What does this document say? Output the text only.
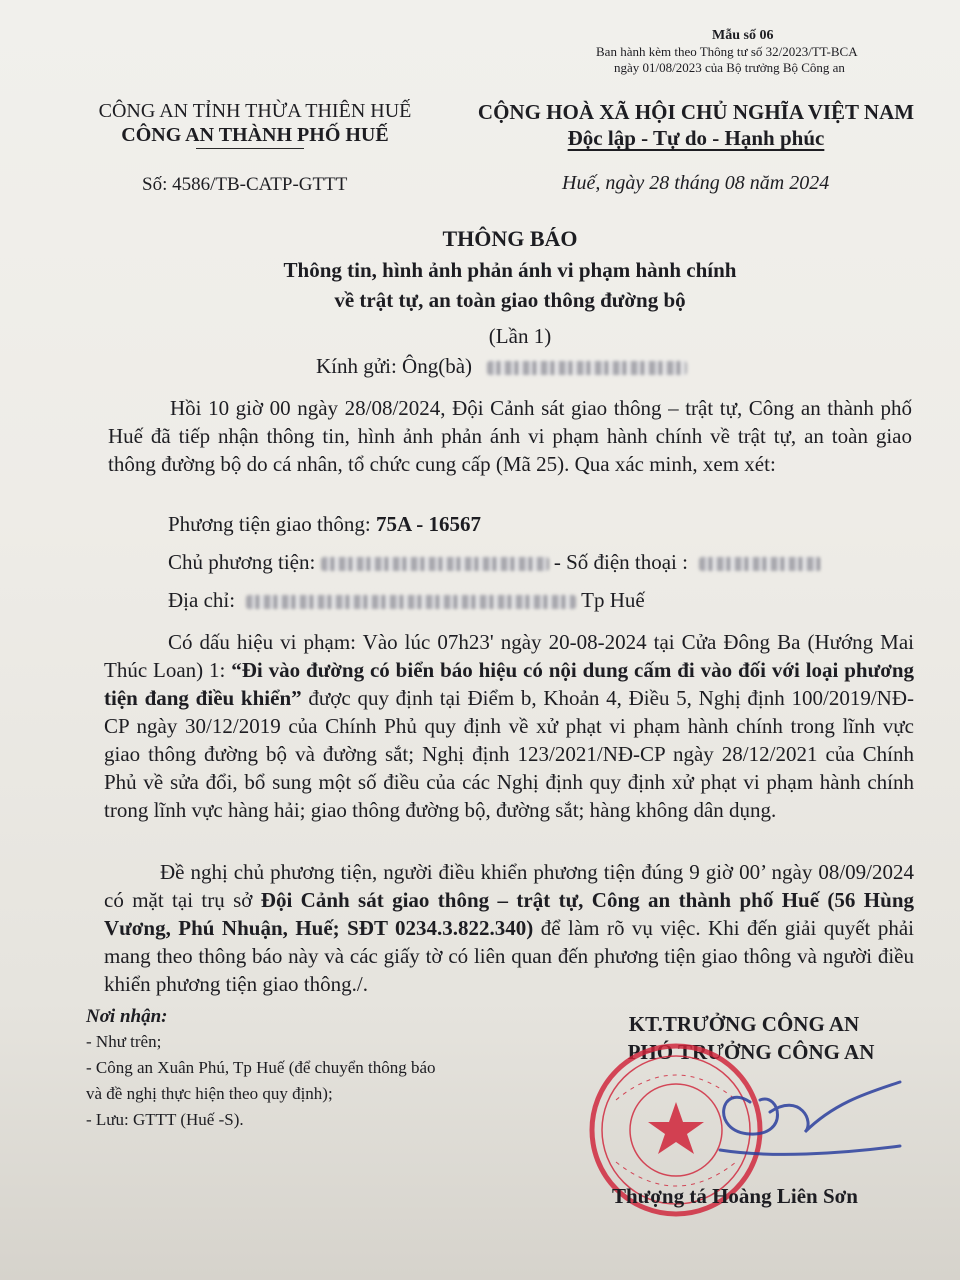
Mẫu số 06
Ban hành kèm theo Thông tư số 32/2023/TT-BCA
ngày 01/08/2023 của Bộ trưởng Bộ Công an
CÔNG AN TỈNH THỪA THIÊN HUẾ
CÔNG AN THÀNH PHỐ HUẾ
Số: 4586/TB-CATP-GTTT
CỘNG HOÀ XÃ HỘI CHỦ NGHĨA VIỆT NAM
Độc lập - Tự do - Hạnh phúc
Huế, ngày 28 tháng 08 năm 2024
THÔNG BÁO
Thông tin, hình ảnh phản ánh vi phạm hành chính
về trật tự, an toàn giao thông đường bộ
(Lần 1)
Kính gửi: Ông(bà)

Hồi 10 giờ 00 ngày 28/08/2024, Đội Cảnh sát giao thông – trật tự, Công an thành phố Huế đã tiếp nhận thông tin, hình ảnh phản ánh vi phạm hành chính về trật tự, an toàn giao thông đường bộ do cá nhân, tổ chức cung cấp (Mã 25). Qua xác minh, xem xét:

Phương tiện giao thông: 75A - 16567
Chủ phương tiện:	- Số điện thoại :
Địa chỉ:	Tp Huế

Có dấu hiệu vi phạm: Vào lúc 07h23' ngày 20-08-2024 tại Cửa Đông Ba (Hướng Mai Thúc Loan) 1: “Đi vào đường có biển báo hiệu có nội dung cấm đi vào đối với loại phương tiện đang điều khiển” được quy định tại Điểm b, Khoản 4, Điều 5, Nghị định 100/2019/NĐ-CP ngày 30/12/2019 của Chính Phủ quy định về xử phạt vi phạm hành chính trong lĩnh vực giao thông đường bộ và đường sắt; Nghị định 123/2021/NĐ-CP ngày 28/12/2021 của Chính Phủ về sửa đổi, bổ sung một số điều của các Nghị định quy định xử phạt vi phạm hành chính trong lĩnh vực hàng hải; giao thông đường bộ, đường sắt; hàng không dân dụng.

Đề nghị chủ phương tiện, người điều khiển phương tiện đúng 9 giờ 00’ ngày 08/09/2024 có mặt tại trụ sở Đội Cảnh sát giao thông – trật tự, Công an thành phố Huế (56 Hùng Vương, Phú Nhuận, Huế; SĐT 0234.3.822.340) để làm rõ vụ việc. Khi đến giải quyết phải mang theo thông báo này và các giấy tờ có liên quan đến phương tiện giao thông và người điều khiển phương tiện giao thông./.

Nơi nhận:
- Như trên;
- Công an Xuân Phú, Tp Huế (để chuyển thông báo
và đề nghị thực hiện theo quy định);
- Lưu: GTTT (Huế -S).
KT.TRƯỞNG CÔNG AN
PHÓ TRƯỞNG CÔNG AN
Thượng tá Hoàng Liên Sơn
